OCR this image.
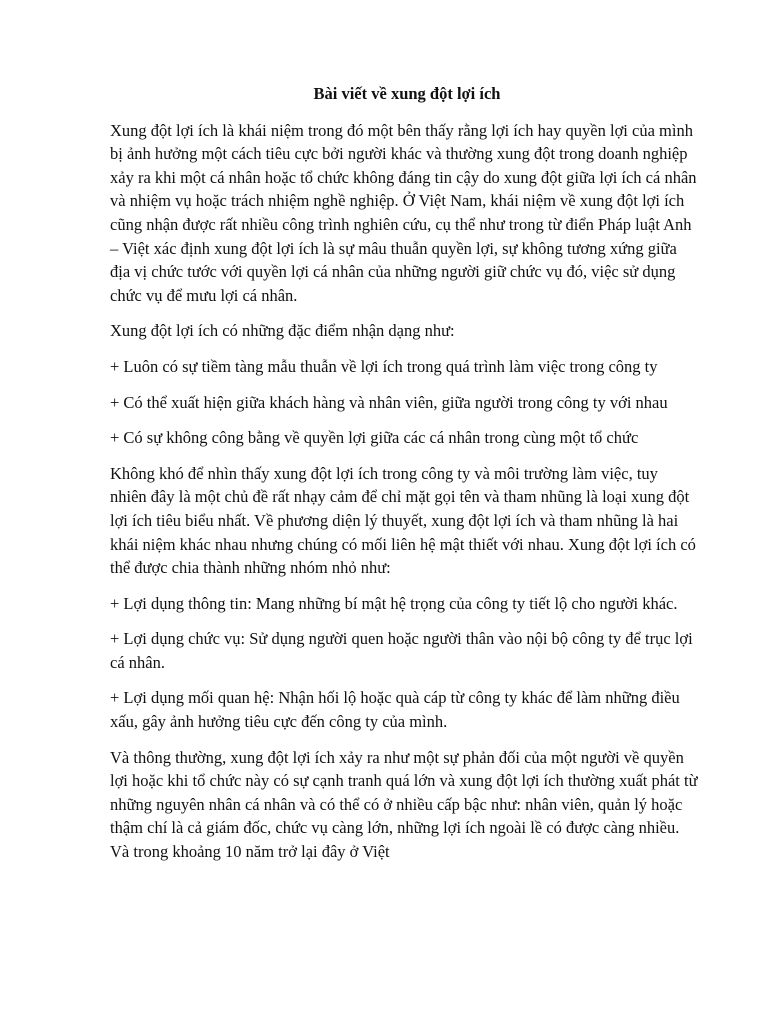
Bài viết về xung đột lợi ích

Xung đột lợi ích là khái niệm trong đó một bên thấy rằng lợi ích hay quyền lợi của mình bị ảnh hưởng một cách tiêu cực bởi người khác và thường xung đột trong doanh nghiệp xảy ra khi một cá nhân hoặc tổ chức không đáng tin cậy do xung đột giữa lợi ích cá nhân và nhiệm vụ hoặc trách nhiệm nghề nghiệp. Ở Việt Nam, khái niệm về xung đột lợi ích cũng nhận được rất nhiều công trình nghiên cứu, cụ thể như trong từ điển Pháp luật Anh – Việt xác định xung đột lợi ích là sự mâu thuẫn quyền lợi, sự không tương xứng giữa địa vị chức tước với quyền lợi cá nhân của những người giữ chức vụ đó, việc sử dụng chức vụ để mưu lợi cá nhân.

Xung đột lợi ích có những đặc điểm nhận dạng như:

+ Luôn có sự tiềm tàng mẫu thuẫn về lợi ích trong quá trình làm việc trong công ty

+ Có thể xuất hiện giữa khách hàng và nhân viên, giữa người trong công ty với nhau

+ Có sự không công bằng về quyền lợi giữa các cá nhân trong cùng một tổ chức

Không khó để nhìn thấy xung đột lợi ích trong công ty và môi trường làm việc, tuy nhiên đây là một chủ đề rất nhạy cảm để chỉ mặt gọi tên và tham nhũng là loại xung đột lợi ích tiêu biểu nhất. Về phương diện lý thuyết, xung đột lợi ích và tham nhũng là hai khái niệm khác nhau nhưng chúng có mối liên hệ mật thiết với nhau. Xung đột lợi ích có thể được chia thành những nhóm nhỏ như:

+ Lợi dụng thông tin: Mang những bí mật hệ trọng của công ty tiết lộ cho người khác.

+ Lợi dụng chức vụ: Sử dụng người quen hoặc người thân vào nội bộ công ty để trục lợi cá nhân.

+ Lợi dụng mối quan hệ: Nhận hối lộ hoặc quà cáp từ công ty khác để làm những điều xấu, gây ảnh hưởng tiêu cực đến công ty của mình.

Và thông thường, xung đột lợi ích xảy ra như một sự phản đối của một người về quyền lợi hoặc khi tổ chức này có sự cạnh tranh quá lớn và xung đột lợi ích thường xuất phát từ những nguyên nhân cá nhân và có thể có ở nhiều cấp bậc như: nhân viên, quản lý hoặc thậm chí là cả giám đốc, chức vụ càng lớn, những lợi ích ngoài lề có được càng nhiều. Và trong khoảng 10 năm trở lại đây ở Việt
